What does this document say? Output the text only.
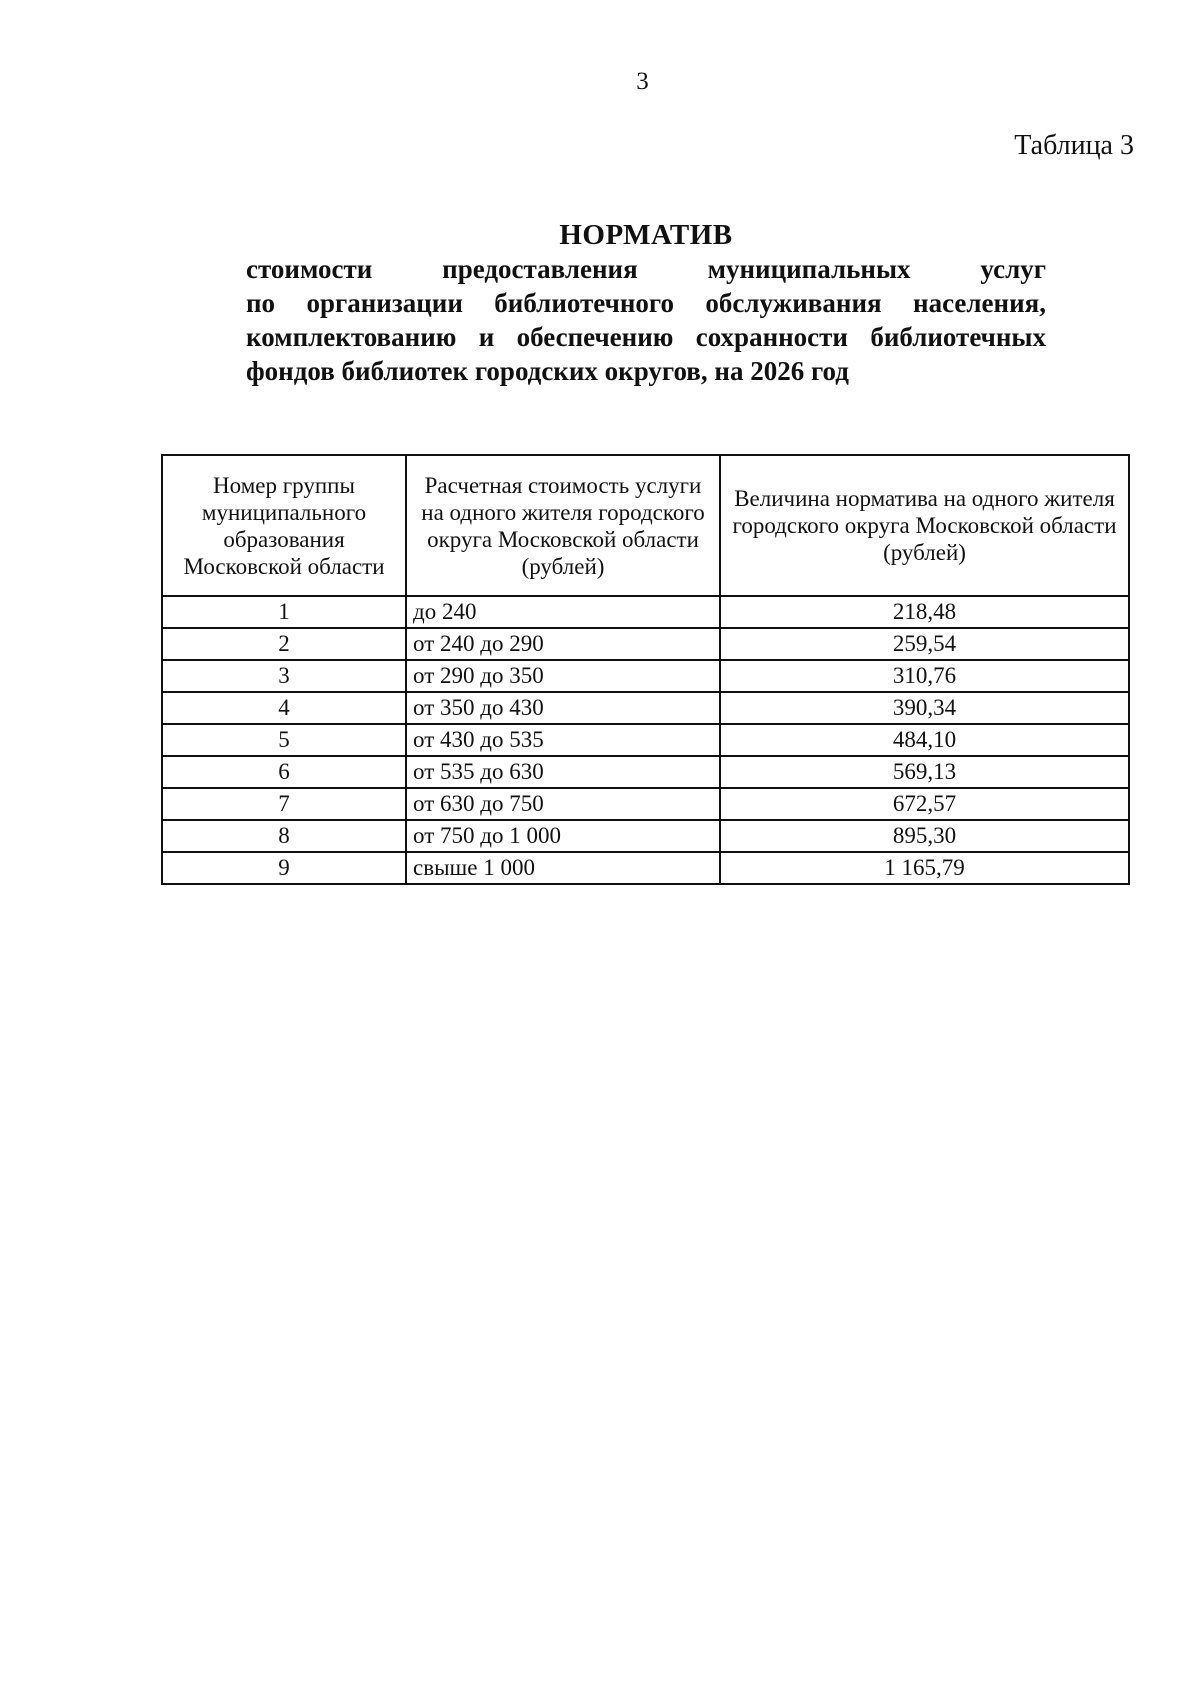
3
Таблица 3
НОРМАТИВ
стоимости предоставления муниципальных услуг
по организации библиотечного обслуживания населения,
комплектованию и обеспечению сохранности библиотечных
фондов библиотек городских округов, на 2026 год
Номер группы муниципального образования Московской области	Расчетная стоимость услуги на одного жителя городского округа Московской области (рублей)	Величина норматива на одного жителя городского округа Московской области (рублей)
1	до 240	218,48
2	от 240 до 290	259,54
3	от 290 до 350	310,76
4	от 350 до 430	390,34
5	от 430 до 535	484,10
6	от 535 до 630	569,13
7	от 630 до 750	672,57
8	от 750 до 1 000	895,30
9	свыше 1 000	1 165,79
